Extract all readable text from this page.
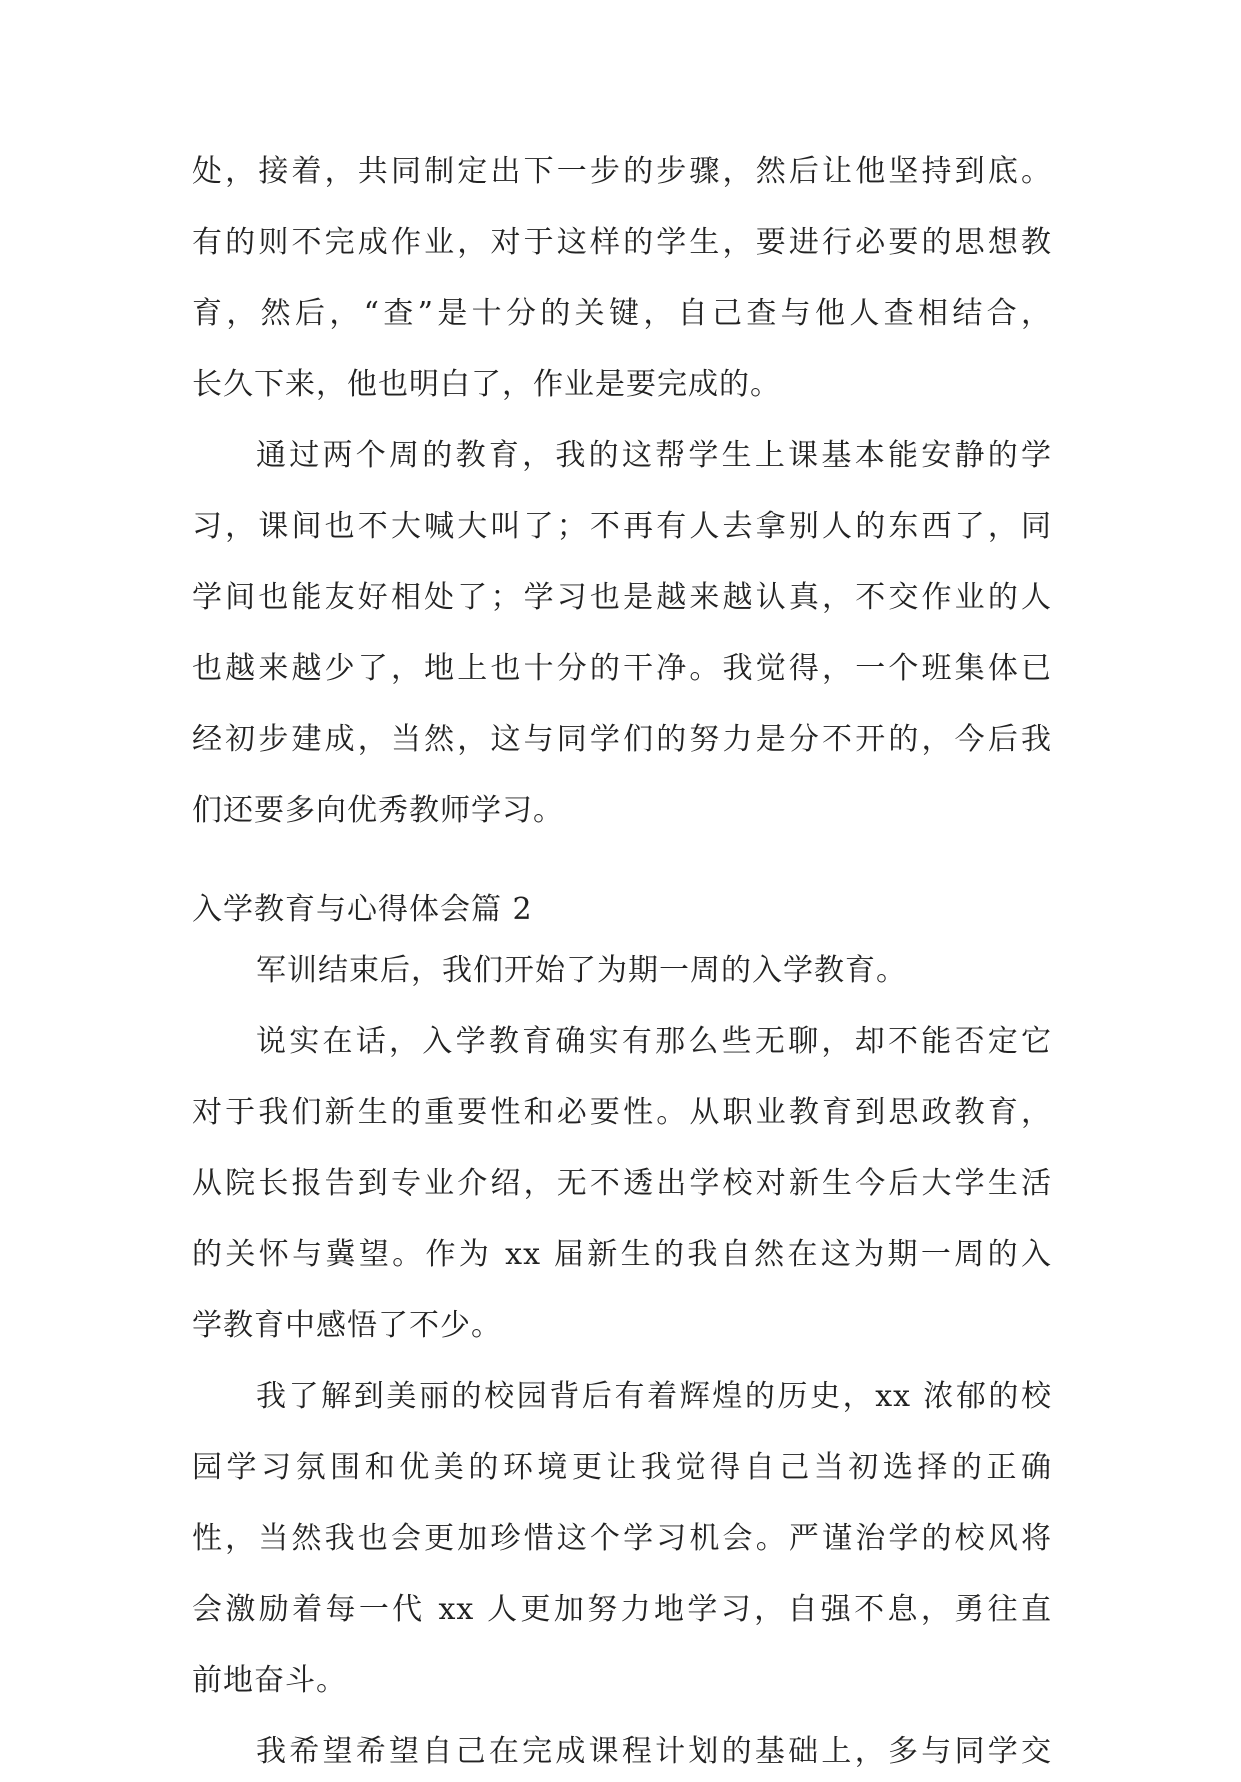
处，接着，共同制定出下一步的步骤，然后让他坚持到底。
有的则不完成作业，对于这样的学生，要进行必要的思想教
育，然后，“查”是十分的关键，自己查与他人查相结合，
长久下来，他也明白了，作业是要完成的。
通过两个周的教育，我的这帮学生上课基本能安静的学
习，课间也不大喊大叫了；不再有人去拿别人的东西了，同
学间也能友好相处了；学习也是越来越认真，不交作业的人
也越来越少了，地上也十分的干净。我觉得，一个班集体已
经初步建成，当然，这与同学们的努力是分不开的，今后我
们还要多向优秀教师学习。
入学教育与心得体会篇 2
军训结束后，我们开始了为期一周的入学教育。
说实在话，入学教育确实有那么些无聊，却不能否定它
对于我们新生的重要性和必要性。从职业教育到思政教育，
从院长报告到专业介绍，无不透出学校对新生今后大学生活
的关怀与冀望。作为 xx 届新生的我自然在这为期一周的入
学教育中感悟了不少。
我了解到美丽的校园背后有着辉煌的历史，xx 浓郁的校
园学习氛围和优美的环境更让我觉得自己当初选择的正确
性，当然我也会更加珍惜这个学习机会。严谨治学的校风将
会激励着每一代 xx 人更加努力地学习，自强不息，勇往直
前地奋斗。
我希望希望自己在完成课程计划的基础上，多与同学交
